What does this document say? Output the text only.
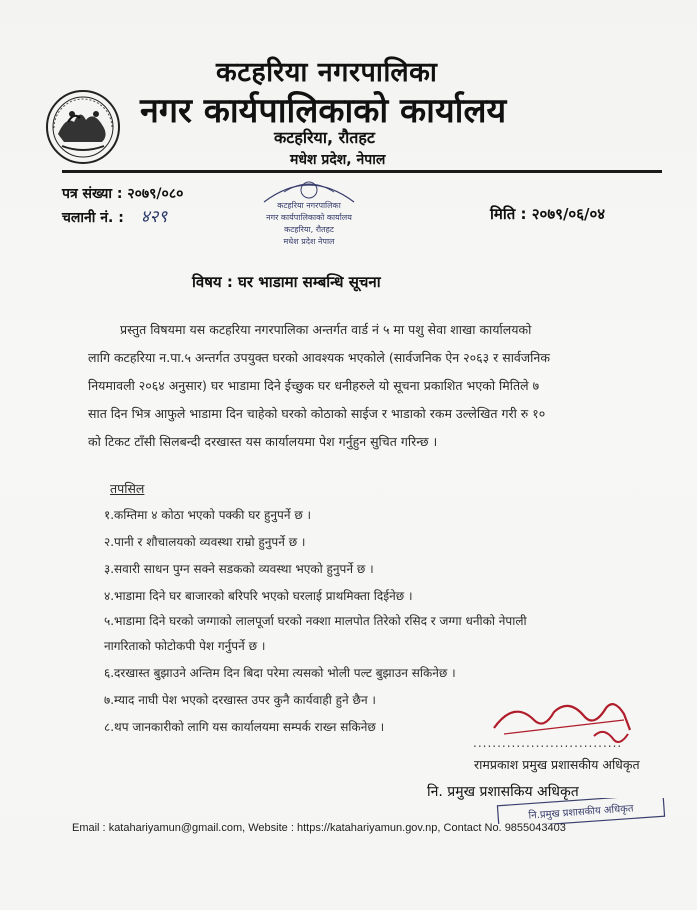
कटहरिया नगरपालिका
नगर कार्यपालिकाको कार्यालय
कटहरिया, रौतहट
मधेश प्रदेश, नेपाल
पत्र संख्या : २०७९/०८०
चलानी नं. : ४२९	मिति : २०७९/०६/०४
कटहरिया नगरपालिका
नगर कार्यपालिकाको कार्यालय
कटहरिया, रौतहट
मधेश प्रदेश नेपाल
विषय : घर भाडामा सम्बन्धि सूचना
प्रस्तुत विषयमा यस कटहरिया नगरपालिका अन्तर्गत वार्ड नं ५ मा पशु सेवा शाखा कार्यालयको
लागि कटहरिया न.पा.५ अन्तर्गत उपयुक्त घरको आवश्यक भएकोले (सार्वजनिक ऐन २०६३ र सार्वजनिक
नियमावली २०६४ अनुसार) घर भाडामा दिने ईच्छुक घर धनीहरुले यो सूचना प्रकाशित भएको मितिले ७
सात दिन भित्र आफुले भाडामा दिन चाहेको घरको कोठाको साईज र भाडाको रकम उल्लेखित गरी रु १०
को टिकट टाँसी सिलबन्दी दरखास्त यस कार्यालयमा पेश गर्नुहुन सुचित गरिन्छ ।
तपसिल
१.कम्तिमा ४ कोठा भएको पक्की घर हुनुपर्ने छ ।
२.पानी र शौचालयको व्यवस्था राम्रो हुनुपर्ने छ ।
३.सवारी साधन पुग्न सक्ने सडकको व्यवस्था भएको हुनुपर्ने छ ।
४.भाडामा दिने घर बाजारको बरिपरि भएको घरलाई प्राथमिक्ता दिईनेछ ।
५.भाडामा दिने घरको जग्गाको लालपूर्जा घरको नक्शा मालपोत तिरेको रसिद र जग्गा धनीको नेपाली
नागरिताको फोटोकपी पेश गर्नुपर्ने छ ।
६.दरखास्त बुझाउने अन्तिम दिन बिदा परेमा त्यसको भोली पल्ट बुझाउन सकिनेछ ।
७.म्याद नाघी पेश भएको दरखास्त उपर कुनै कार्यवाही हुने छैन ।
८.थप जानकारीको लागि यस कार्यालयमा सम्पर्क राख्न सकिनेछ ।
...............................
रामप्रकाश प्रमुख प्रशासकीय अधिकृत
नि. प्रमुख प्रशासकिय अधिकृत
नि.प्रमुख प्रशासकीय अधिकृत
Email : katahariyamun@gmail.com, Website : https://katahariyamun.gov.np, Contact No. 9855043403
